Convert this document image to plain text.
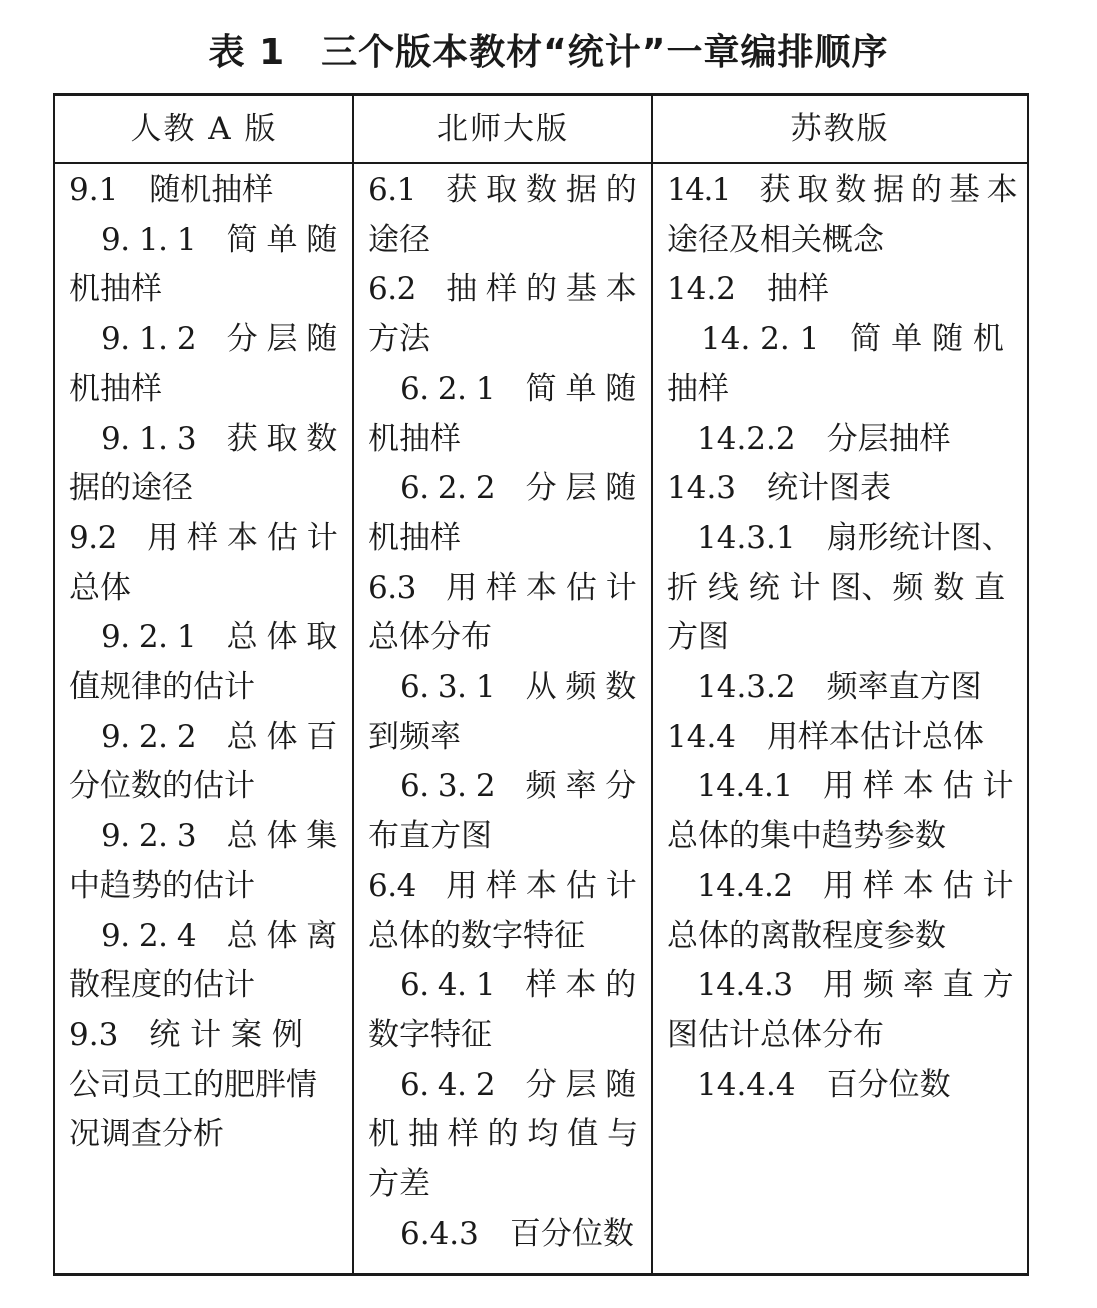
表 1 三个版本教材“统计”一章编排顺序
人教 A 版	北师大版	苏教版
9.1　随机抽样
9. 1. 1　简 单 随
机抽样
9. 1. 2　分 层 随
机抽样
9. 1. 3　获 取 数
据的途径
9.2　用 样 本 估 计
总体
9. 2. 1　总 体 取
值规律的估计
9. 2. 2　总 体 百
分位数的估计
9. 2. 3　总 体 集
中趋势的估计
9. 2. 4　总 体 离
散程度的估计
9.3　统 计 案 例
公司员工的肥胖情
况调查分析
6.1　获 取 数 据 的
途径
6.2　抽 样 的 基 本
方法
6. 2. 1　简 单 随
机抽样
6. 2. 2　分 层 随
机抽样
6.3　用 样 本 估 计
总体分布
6. 3. 1　从 频 数
到频率
6. 3. 2　频 率 分
布直方图
6.4　用 样 本 估 计
总体的数字特征
6. 4. 1　样 本 的
数字特征
6. 4. 2　分 层 随
机 抽 样 的 均 值 与
方差
6.4.3　百分位数
14.1　获 取 数 据 的 基 本
途径及相关概念
14.2　抽样
14. 2. 1　简 单 随 机
抽样
14.2.2　分层抽样
14.3　统计图表
14.3.1　扇形统计图、
折 线 统 计 图、频 数 直
方图
14.3.2　频率直方图
14.4　用样本估计总体
14.4.1　用 样 本 估 计
总体的集中趋势参数
14.4.2　用 样 本 估 计
总体的离散程度参数
14.4.3　用 频 率 直 方
图估计总体分布
14.4.4　百分位数
